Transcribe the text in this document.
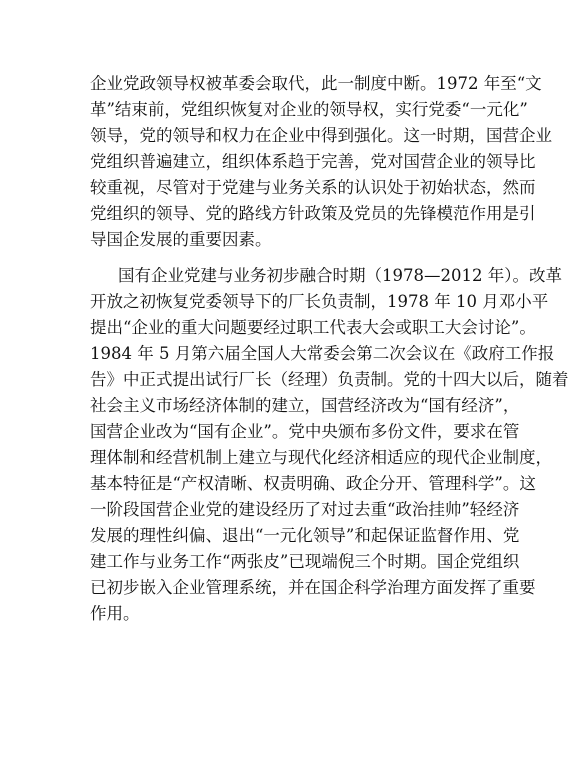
企业党政领导权被革委会取代，此一制度中断。1972 年至“文
革”结束前，党组织恢复对企业的领导权，实行党委“一元化”
领导，党的领导和权力在企业中得到强化。这一时期，国营企业
党组织普遍建立，组织体系趋于完善，党对国营企业的领导比
较重视，尽管对于党建与业务关系的认识处于初始状态，然而
党组织的领导、党的路线方针政策及党员的先锋模范作用是引
导国企发展的重要因素。
国有企业党建与业务初步融合时期（1978—2012 年）。改革
开放之初恢复党委领导下的厂长负责制，1978 年 10 月邓小平
提出“企业的重大问题要经过职工代表大会或职工大会讨论”。
1984 年 5 月第六届全国人大常委会第二次会议在《政府工作报
告》中正式提出试行厂长（经理）负责制。党的十四大以后，随着
社会主义市场经济体制的建立，国营经济改为“国有经济”，
国营企业改为“国有企业”。党中央颁布多份文件，要求在管
理体制和经营机制上建立与现代化经济相适应的现代企业制度，
基本特征是“产权清晰、权责明确、政企分开、管理科学”。这
一阶段国营企业党的建设经历了对过去重“政治挂帅”轻经济
发展的理性纠偏、退出“一元化领导”和起保证监督作用、党
建工作与业务工作“两张皮”已现端倪三个时期。国企党组织
已初步嵌入企业管理系统，并在国企科学治理方面发挥了重要
作用。
